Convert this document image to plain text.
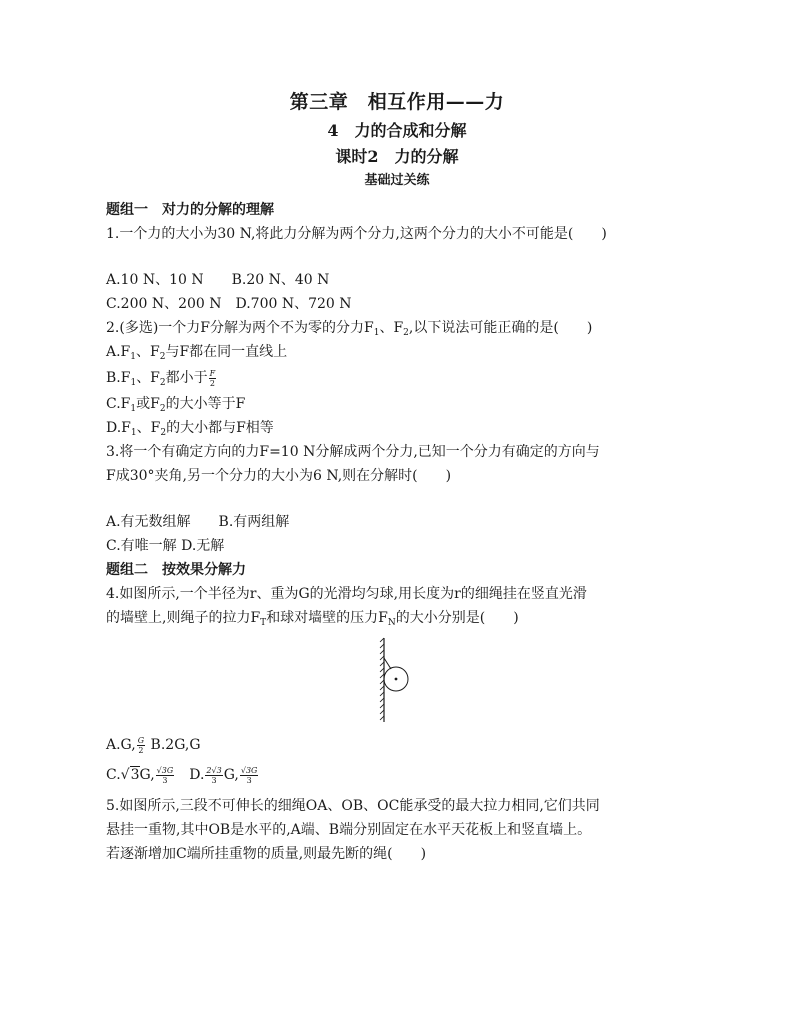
第三章　相互作用——力
4　力的合成和分解
课时2　力的分解
基础过关练
题组一　对力的分解的理解
1.一个力的大小为30 N,将此力分解为两个分力,这两个分力的大小不可能是(　　)
A.10 N、10 N　　B.20 N、40 N
C.200 N、200 N　D.700 N、720 N
2.(多选)一个力F分解为两个不为零的分力$F_1$、$F_2$,以下说法可能正确的是(　　)
$A.F_1$、$F_2$与F都在同一直线上
$B.F_1$、$F_2$都小于 $\frac{F}{2}$
$C.F_1$或$F_2$的大小等于F
$D.F_1$、$F_2$的大小都与F相等
3.将一个有确定方向的力F=10 N分解成两个分力,已知一个分力有确定的方向与
F成30°夹角,另一个分力的大小为6 N,则在分解时(　　)
A.有无数组解　　B.有两组解
C.有唯一解 D.无解
题组二　按效果分解力
4.如图所示,一个半径为r、重为G的光滑均匀球,用长度为r的细绳挂在竖直光滑
的墙壁上,则绳子的拉力$F_T$和球对墙壁的压力$F_N$的大小分别是(　　)
A.G, $\frac{G}{2} B.2G,G$
C.√3G, $\frac{√3G}{3}$ 　D. $\frac{2√3}{3} G$, $\frac{√3G}{3}$
5.如图所示,三段不可伸长的细绳OA、OB、OC能承受的最大拉力相同,它们共同
悬挂一重物,其中OB是水平的,A端、B端分别固定在水平天花板上和竖直墙上。
若逐渐增加C端所挂重物的质量,则最先断的绳(　　)
